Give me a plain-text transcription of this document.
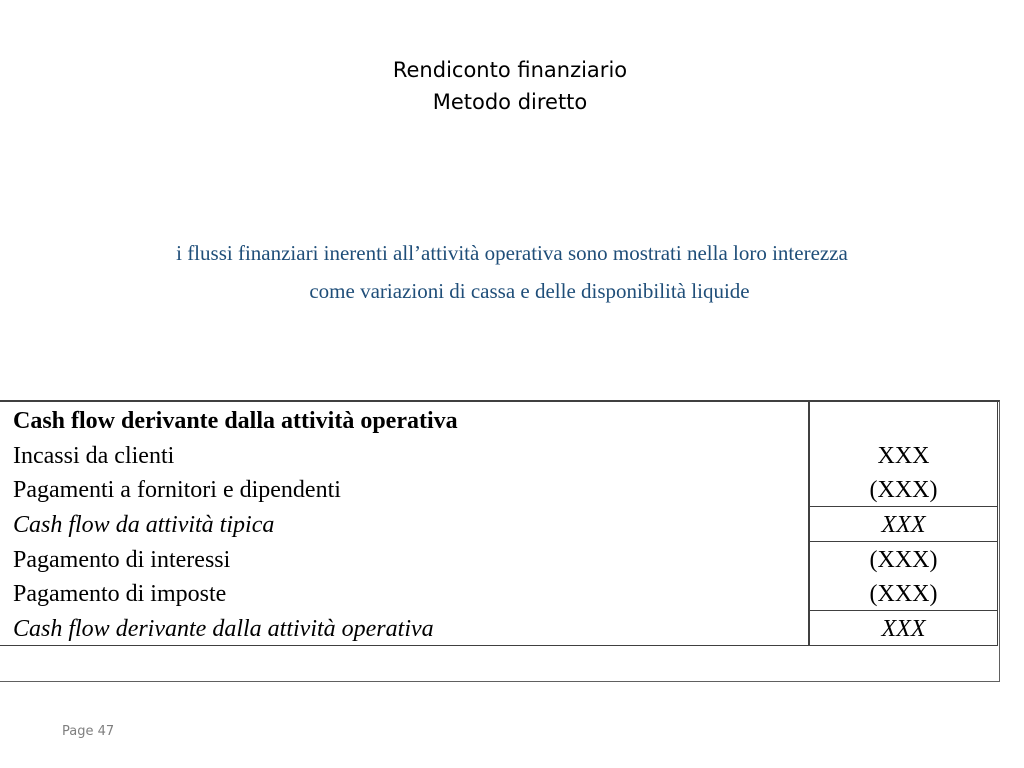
Rendiconto finanziario
Metodo diretto
i flussi finanziari inerenti all’attività operativa sono mostrati nella loro interezza
come variazioni di cassa e delle disponibilità liquide
Cash flow derivante dalla attività operativa
Incassi da clienti
Pagamenti a fornitori e dipendenti
Cash flow da attività tipica
Pagamento di interessi
Pagamento di imposte
Cash flow derivante dalla attività operativa
XXX
(XXX)
XXX
(XXX)
(XXX)
XXX
Page 47
